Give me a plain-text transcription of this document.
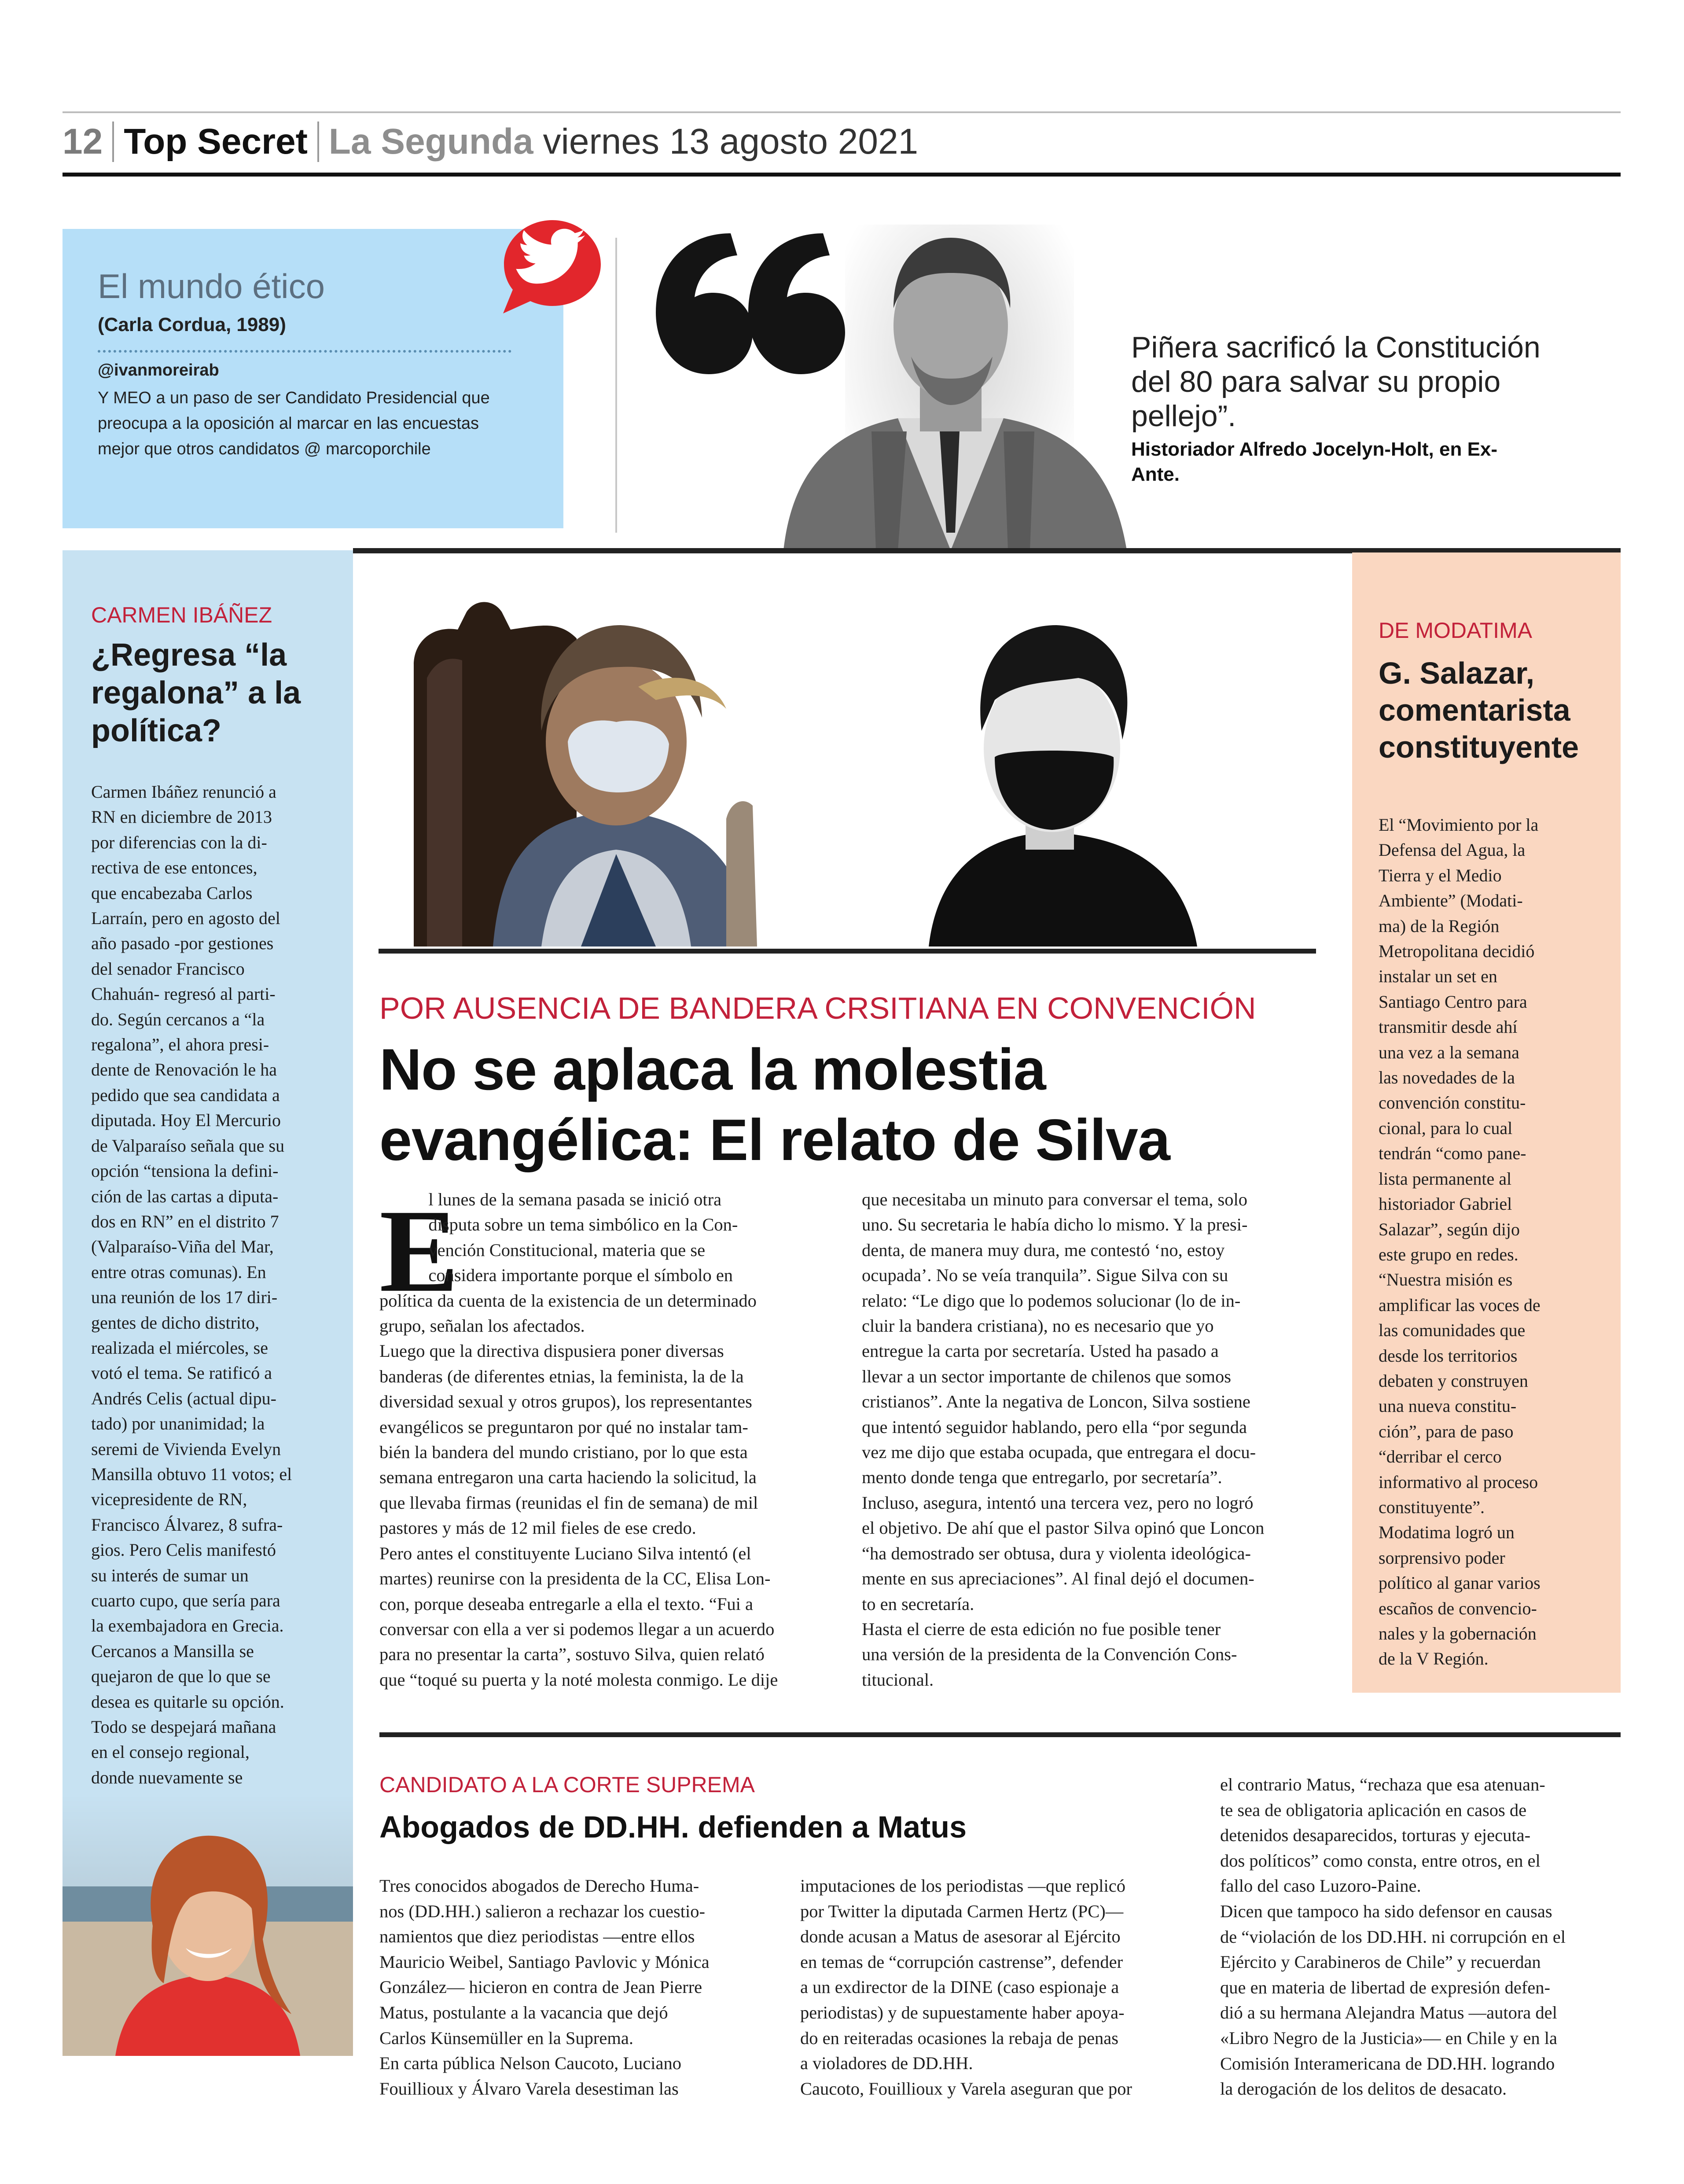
12 Top Secret La Segunda viernes 13 agosto 2021
El mundo ético
(Carla Cordua, 1989)
@ivanmoreirab
Y MEO a un paso de ser Candidato Presidencial que preocupa a la oposición al marcar en las encuestas mejor que otros candidatos @ marcoporchile
Piñera sacrificó la Constitución del 80 para salvar su propio pellejo”.
Historiador Alfredo Jocelyn-Holt, en Ex-Ante.
CARMEN IBÁÑEZ
¿Regresa “la regalona” a la política?
Carmen Ibáñez renunció a
RN en diciembre de 2013
por diferencias con la di-
rectiva de ese entonces,
que encabezaba Carlos
Larraín, pero en agosto del
año pasado -por gestiones
del senador Francisco
Chahuán- regresó al parti-
do. Según cercanos a “la
regalona”, el ahora presi-
dente de Renovación le ha
pedido que sea candidata a
diputada. Hoy El Mercurio
de Valparaíso señala que su
opción “tensiona la defini-
ción de las cartas a diputa-
dos en RN” en el distrito 7
(Valparaíso-Viña del Mar,
entre otras comunas). En
una reunión de los 17 diri-
gentes de dicho distrito,
realizada el miércoles, se
votó el tema. Se ratificó a
Andrés Celis (actual dipu-
tado) por unanimidad; la
seremi de Vivienda Evelyn
Mansilla obtuvo 11 votos; el
vicepresidente de RN,
Francisco Álvarez, 8 sufra-
gios. Pero Celis manifestó
su interés de sumar un
cuarto cupo, que sería para
la exembajadora en Grecia.
Cercanos a Mansilla se
quejaron de que lo que se
desea es quitarle su opción.
Todo se despejará mañana
en el consejo regional,
donde nuevamente se

DE MODATIMA
G. Salazar, comentarista constituyente
El “Movimiento por la
Defensa del Agua, la
Tierra y el Medio
Ambiente” (Modati-
ma) de la Región
Metropolitana decidió
instalar un set en
Santiago Centro para
transmitir desde ahí
una vez a la semana
las novedades de la
convención constitu-
cional, para lo cual
tendrán “como pane-
lista permanente al
historiador Gabriel
Salazar”, según dijo
este grupo en redes.
“Nuestra misión es
amplificar las voces de
las comunidades que
desde los territorios
debaten y construyen
una nueva constitu-
ción”, para de paso
“derribar el cerco
informativo al proceso
constituyente”.
Modatima logró un
sorprensivo poder
político al ganar varios
escaños de convencio-
nales y la gobernación
de la V Región.
POR AUSENCIA DE BANDERA CRSITIANA EN CONVENCIÓN
No se aplaca la molestia evangélica: El relato de Silva
E
l lunes de la semana pasada se inició otra
disputa sobre un tema simbólico en la Con-
vención Constitucional, materia que se
considera importante porque el símbolo en
política da cuenta de la existencia de un determinado
grupo, señalan los afectados.
Luego que la directiva dispusiera poner diversas
banderas (de diferentes etnias, la feminista, la de la
diversidad sexual y otros grupos), los representantes
evangélicos se preguntaron por qué no instalar tam-
bién la bandera del mundo cristiano, por lo que esta
semana entregaron una carta haciendo la solicitud, la
que llevaba firmas (reunidas el fin de semana) de mil
pastores y más de 12 mil fieles de ese credo.
Pero antes el constituyente Luciano Silva intentó (el
martes) reunirse con la presidenta de la CC, Elisa Lon-
con, porque deseaba entregarle a ella el texto. “Fui a
conversar con ella a ver si podemos llegar a un acuerdo
para no presentar la carta”, sostuvo Silva, quien relató
que “toqué su puerta y la noté molesta conmigo. Le dije
que necesitaba un minuto para conversar el tema, solo
uno. Su secretaria le había dicho lo mismo. Y la presi-
denta, de manera muy dura, me contestó ‘no, estoy
ocupada’. No se veía tranquila”. Sigue Silva con su
relato: “Le digo que lo podemos solucionar (lo de in-
cluir la bandera cristiana), no es necesario que yo
entregue la carta por secretaría. Usted ha pasado a
llevar a un sector importante de chilenos que somos
cristianos”. Ante la negativa de Loncon, Silva sostiene
que intentó seguidor hablando, pero ella “por segunda
vez me dijo que estaba ocupada, que entregara el docu-
mento donde tenga que entregarlo, por secretaría”.
Incluso, asegura, intentó una tercera vez, pero no logró
el objetivo. De ahí que el pastor Silva opinó que Loncon
“ha demostrado ser obtusa, dura y violenta ideológica-
mente en sus apreciaciones”. Al final dejó el documen-
to en secretaría.
Hasta el cierre de esta edición no fue posible tener
una versión de la presidenta de la Convención Cons-
titucional.
CANDIDATO A LA CORTE SUPREMA
Abogados de DD.HH. defienden a Matus
Tres conocidos abogados de Derecho Huma-
nos (DD.HH.) salieron a rechazar los cuestio-
namientos que diez periodistas —entre ellos
Mauricio Weibel, Santiago Pavlovic y Mónica
González— hicieron en contra de Jean Pierre
Matus, postulante a la vacancia que dejó
Carlos Künsemüller en la Suprema.
En carta pública Nelson Caucoto, Luciano
Fouillioux y Álvaro Varela desestiman las
imputaciones de los periodistas —que replicó
por Twitter la diputada Carmen Hertz (PC)—
donde acusan a Matus de asesorar al Ejército
en temas de “corrupción castrense”, defender
a un exdirector de la DINE (caso espionaje a
periodistas) y de supuestamente haber apoya-
do en reiteradas ocasiones la rebaja de penas
a violadores de DD.HH.
Caucoto, Fouillioux y Varela aseguran que por
el contrario Matus, “rechaza que esa atenuan-
te sea de obligatoria aplicación en casos de
detenidos desaparecidos, torturas y ejecuta-
dos políticos” como consta, entre otros, en el
fallo del caso Luzoro-Paine.
Dicen que tampoco ha sido defensor en causas
de “violación de los DD.HH. ni corrupción en el
Ejército y Carabineros de Chile” y recuerdan
que en materia de libertad de expresión defen-
dió a su hermana Alejandra Matus —autora del
«Libro Negro de la Justicia»— en Chile y en la
Comisión Interamericana de DD.HH. logrando
la derogación de los delitos de desacato.
